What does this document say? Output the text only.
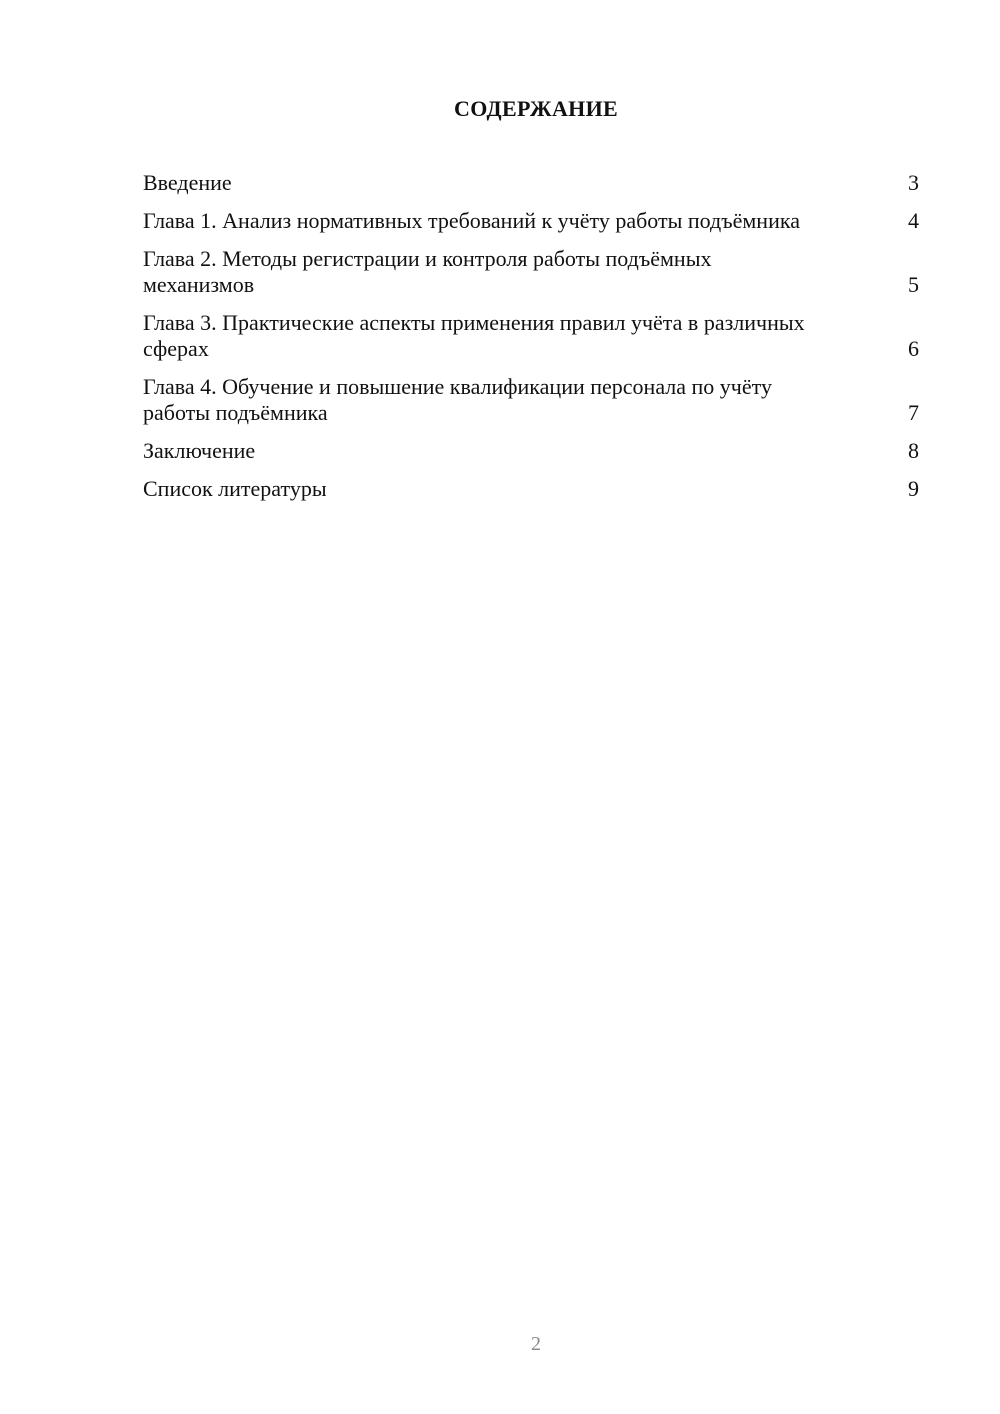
СОДЕРЖАНИЕ
Введение	3
Глава 1. Анализ нормативных требований к учёту работы подъёмника	4
Глава 2. Методы регистрации и контроля работы подъёмных механизмов	5
Глава 3. Практические аспекты применения правил учёта в различных сферах	6
Глава 4. Обучение и повышение квалификации персонала по учёту работы подъёмника	7
Заключение	8
Список литературы	9
2
